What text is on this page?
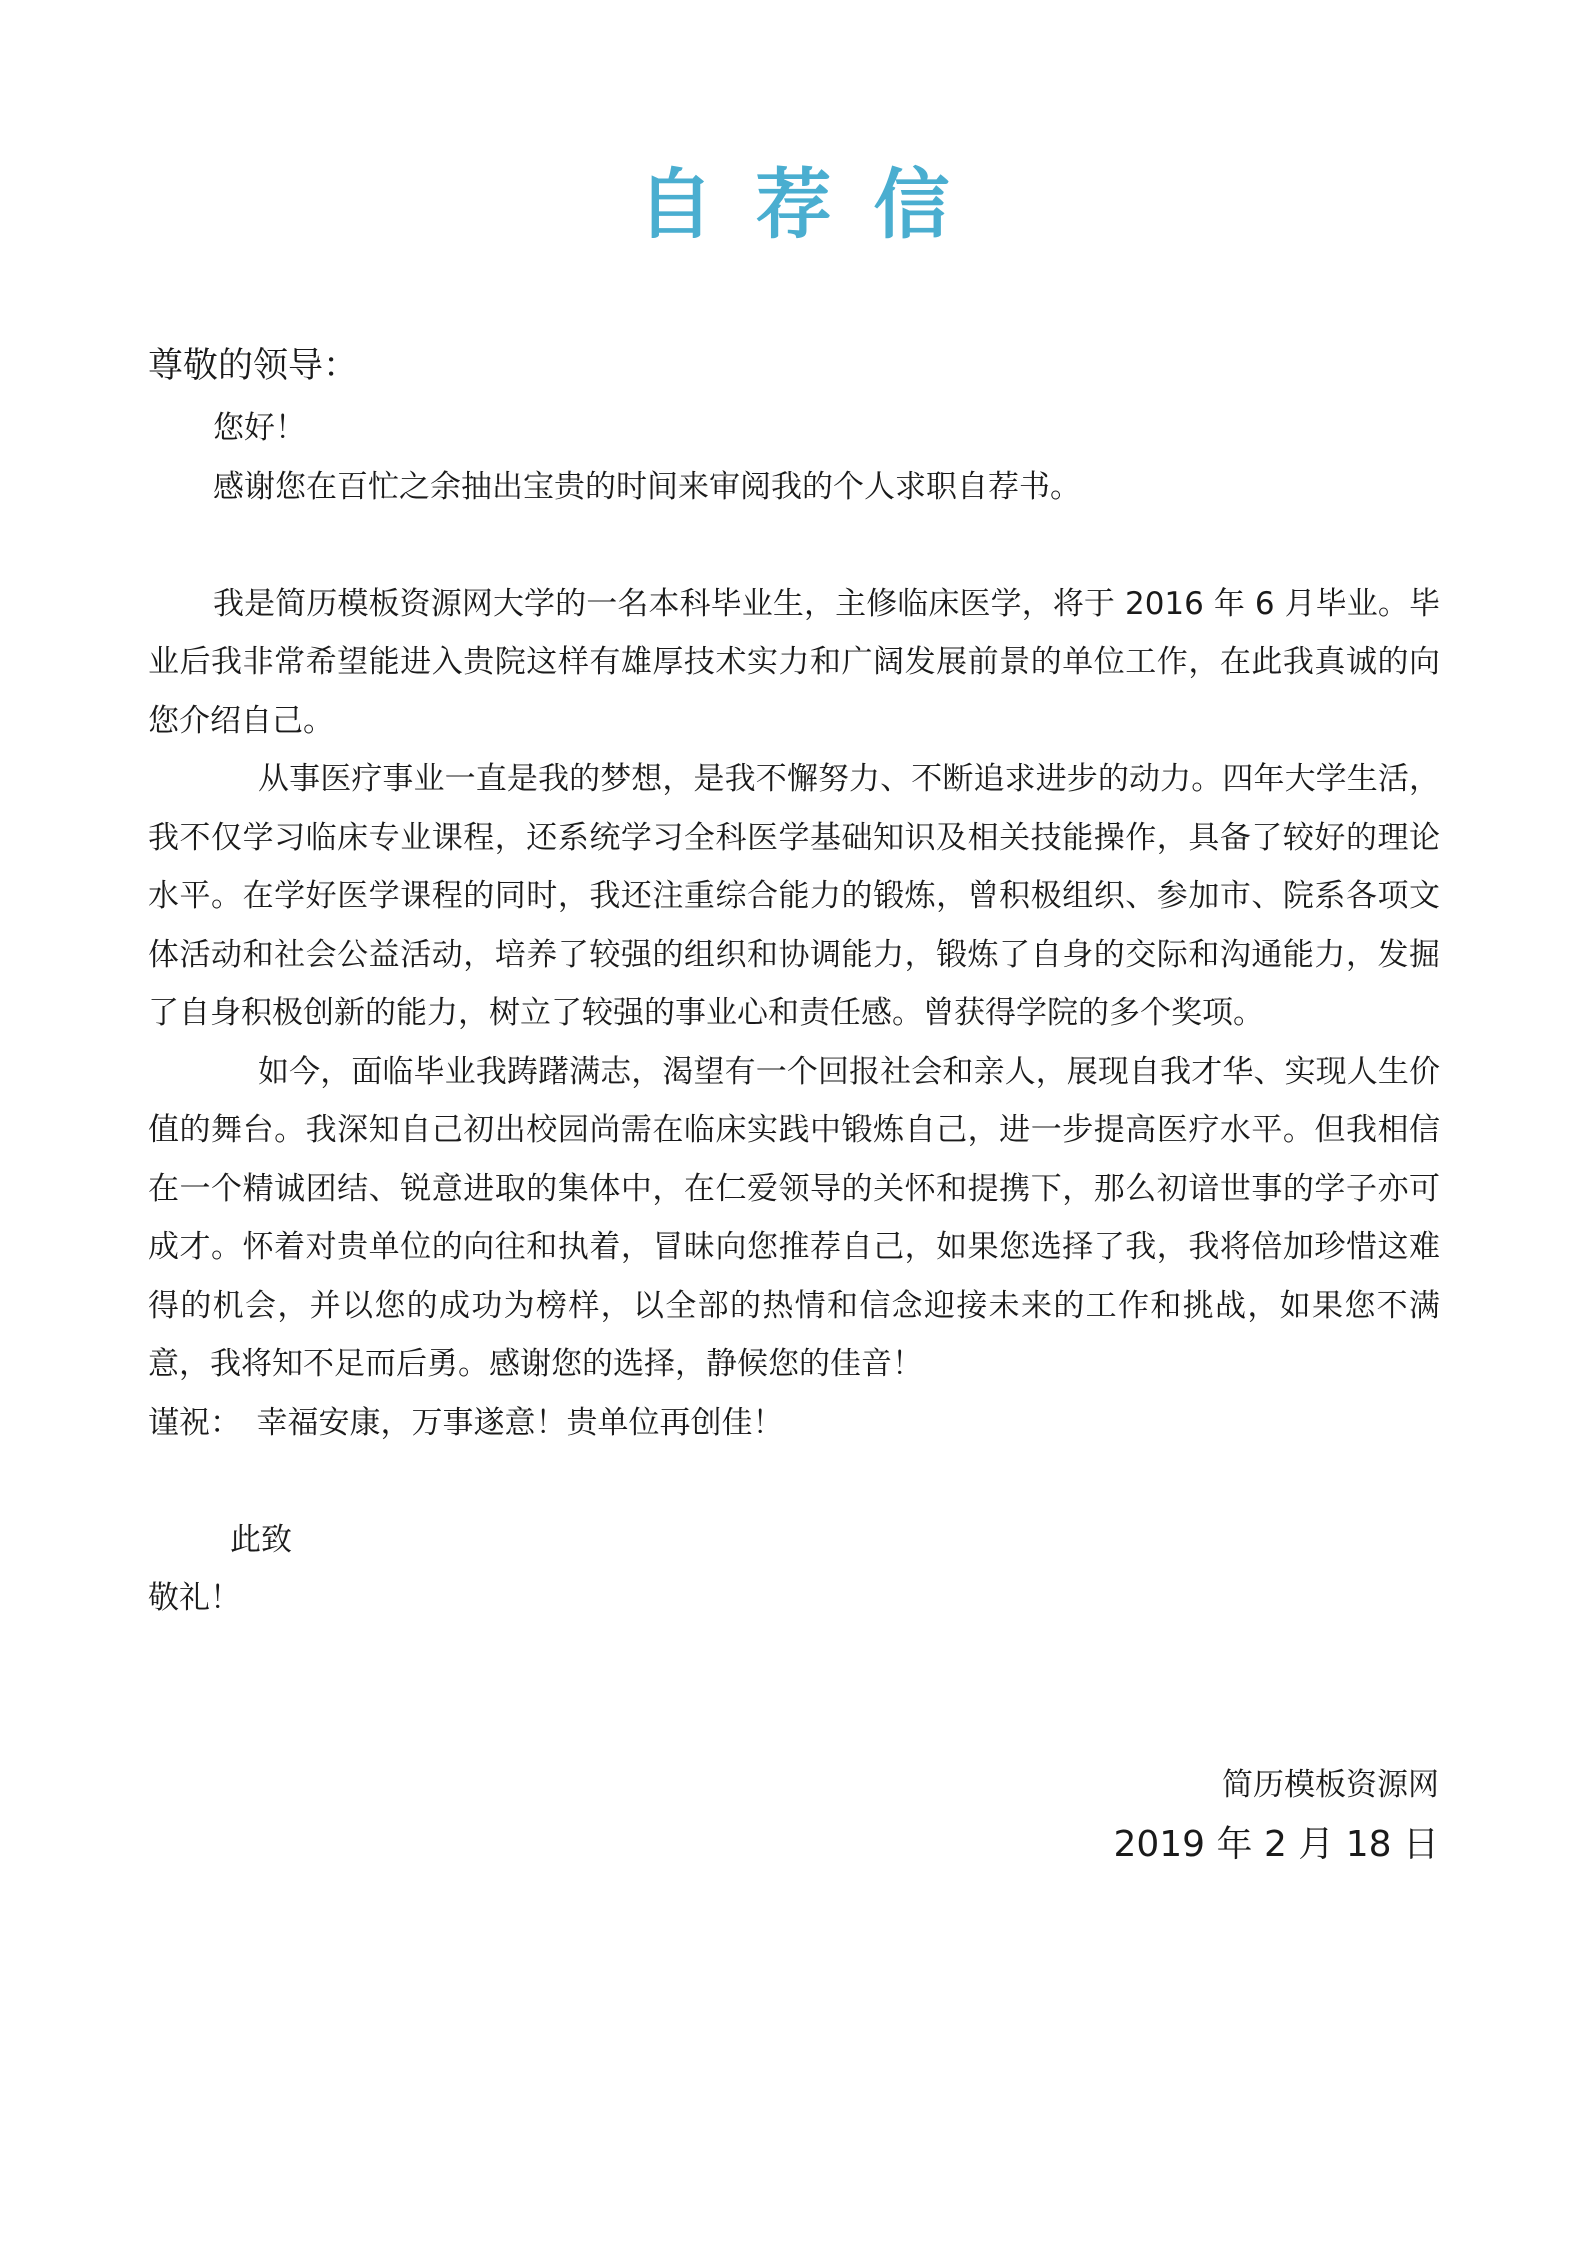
自荐信
尊敬的领导：
您好！
感谢您在百忙之余抽出宝贵的时间来审阅我的个人求职自荐书。
我是简历模板资源网大学的一名本科毕业生，主修临床医学，将于 2016 年 6 月毕业。毕业后我非常希望能进入贵院这样有雄厚技术实力和广阔发展前景的单位工作，在此我真诚的向您介绍自己。
从事医疗事业一直是我的梦想，是我不懈努力、不断追求进步的动力。四年大学生活，我不仅学习临床专业课程，还系统学习全科医学基础知识及相关技能操作，具备了较好的理论水平。在学好医学课程的同时，我还注重综合能力的锻炼，曾积极组织、参加市、院系各项文体活动和社会公益活动，培养了较强的组织和协调能力，锻炼了自身的交际和沟通能力，发掘了自身积极创新的能力，树立了较强的事业心和责任感。曾获得学院的多个奖项。
如今，面临毕业我踌躇满志，渴望有一个回报社会和亲人，展现自我才华、实现人生价值的舞台。我深知自己初出校园尚需在临床实践中锻炼自己，进一步提高医疗水平。但我相信在一个精诚团结、锐意进取的集体中，在仁爱领导的关怀和提携下，那么初谙世事的学子亦可成才。怀着对贵单位的向往和执着，冒昧向您推荐自己，如果您选择了我，我将倍加珍惜这难得的机会，并以您的成功为榜样，以全部的热情和信念迎接未来的工作和挑战，如果您不满意，我将知不足而后勇。感谢您的选择，静候您的佳音！
谨祝：　幸福安康，万事遂意！贵单位再创佳！
此致
敬礼！
简历模板资源网
2019 年 2 月 18 日
